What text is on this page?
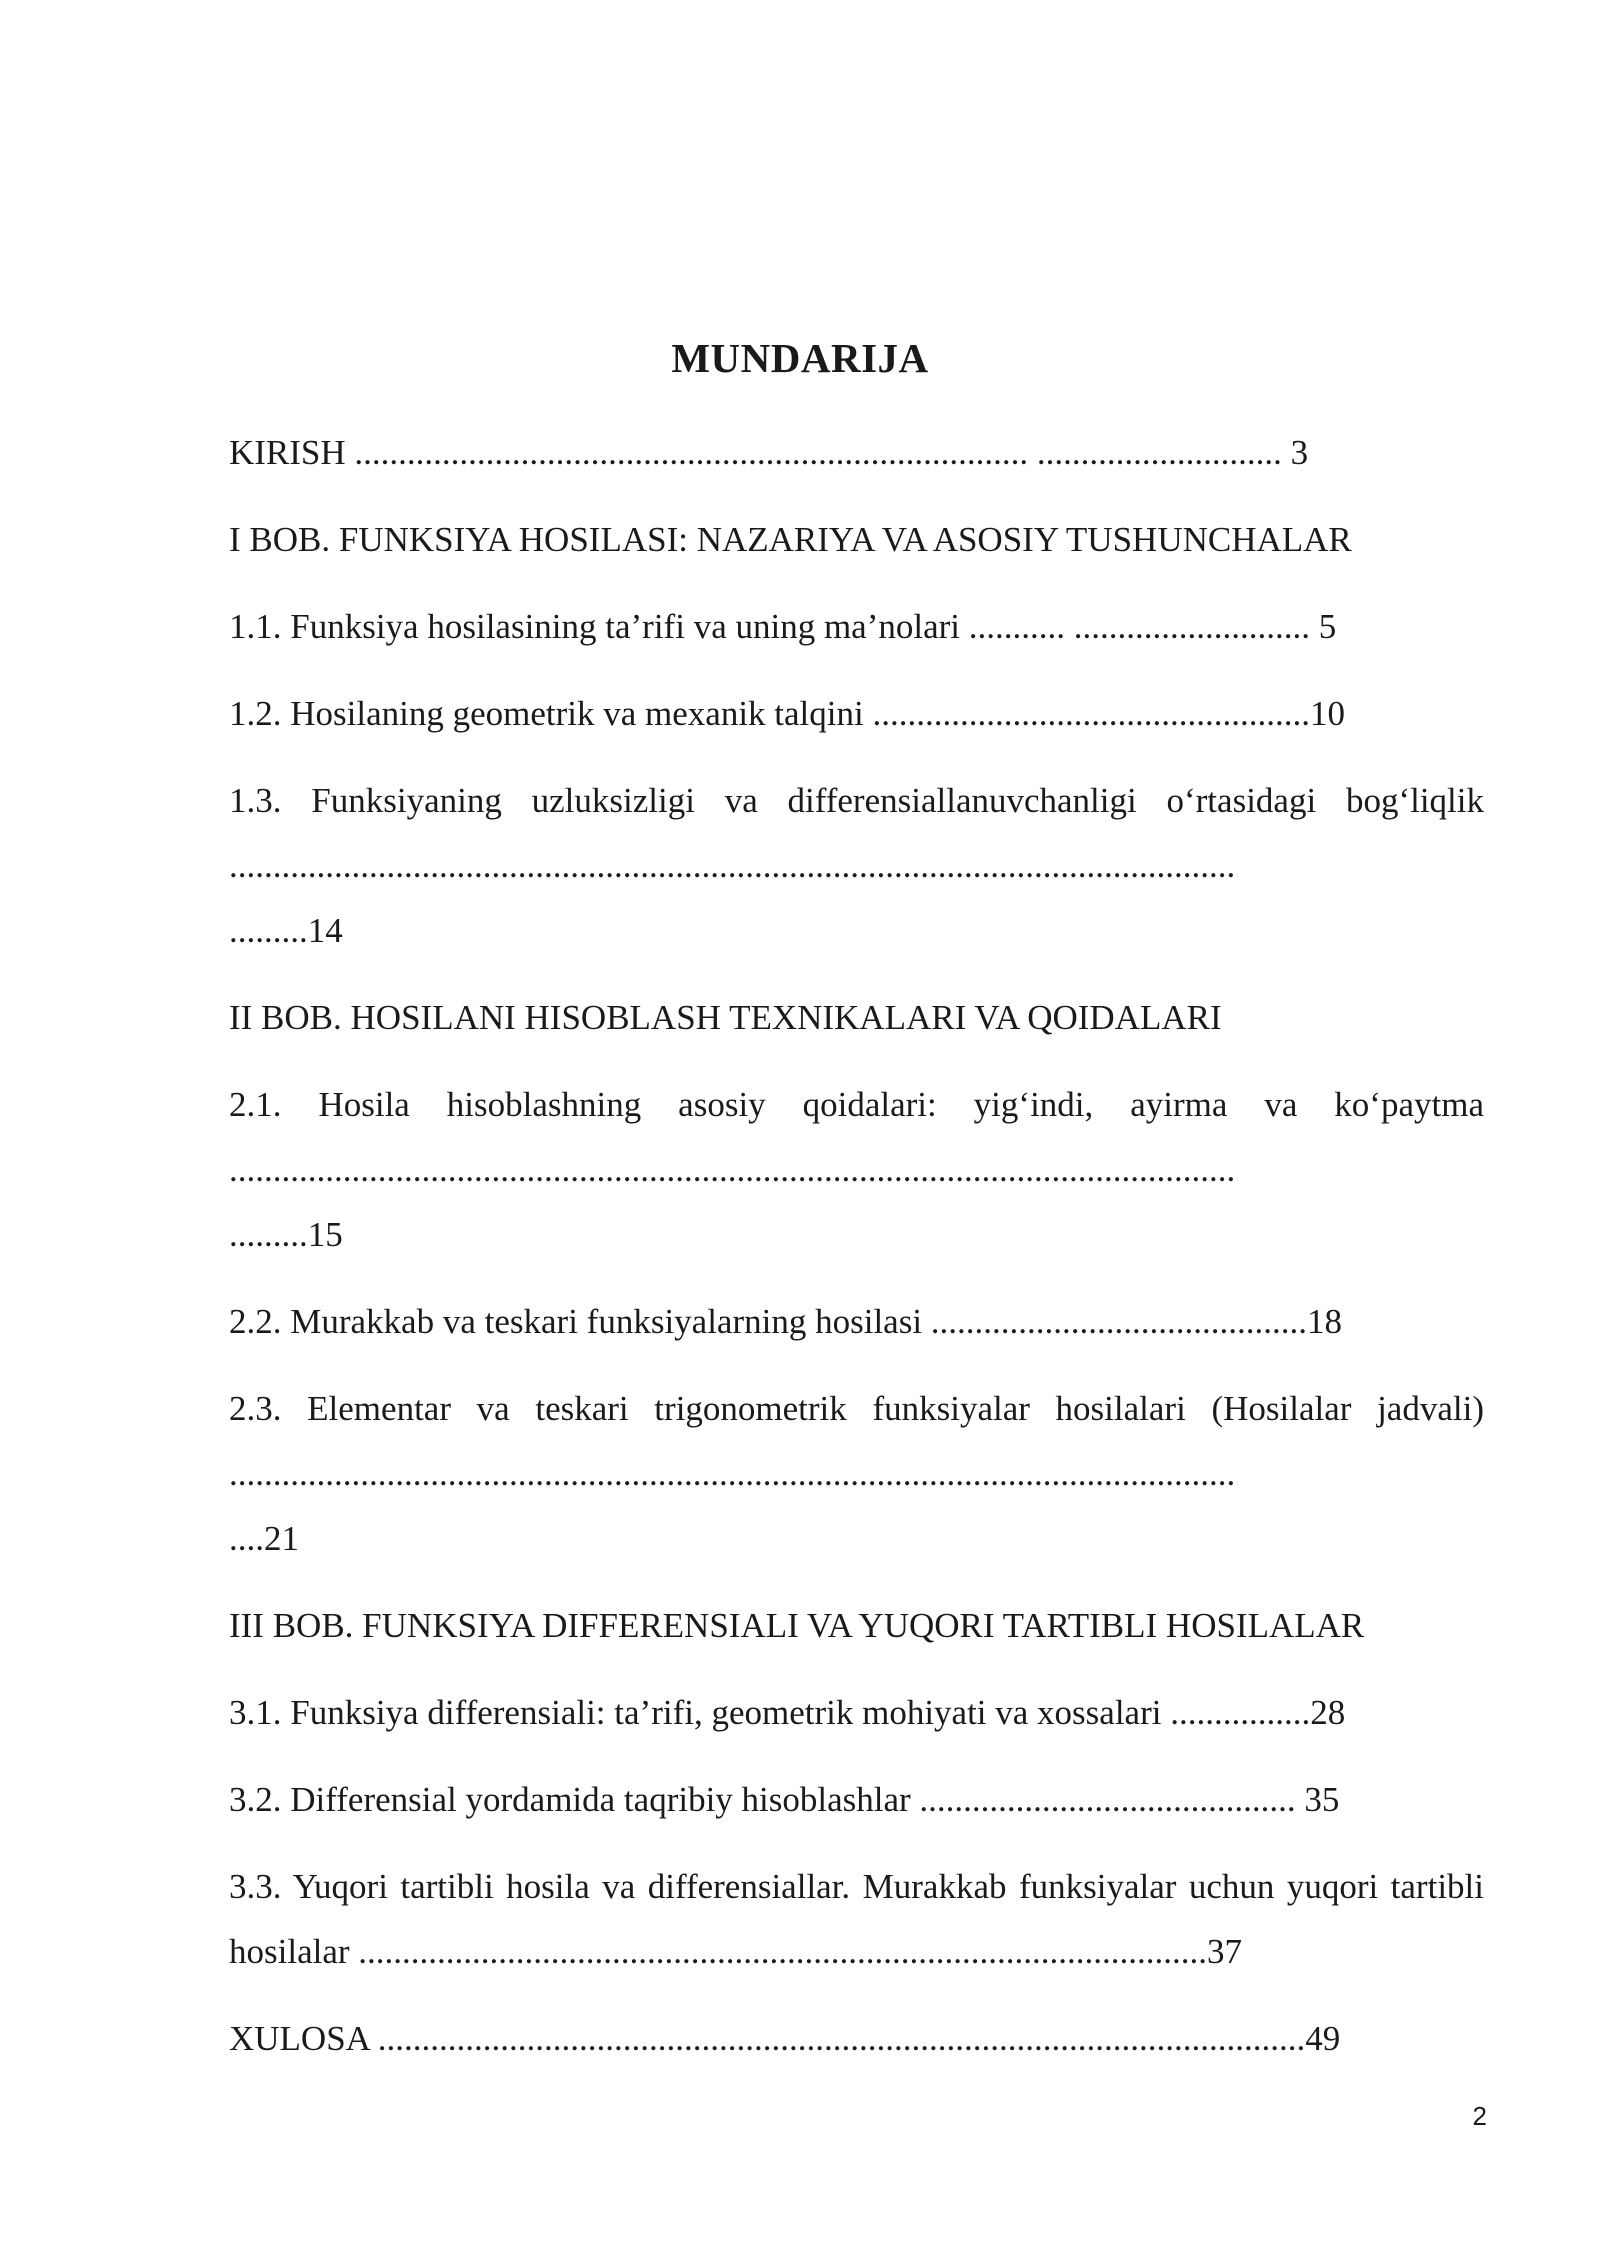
MUNDARIJA
KIRISH ............................................................................. ............................ 3
I BOB. FUNKSIYA HOSILASI: NAZARIYA VA ASOSIY TUSHUNCHALAR
1.1. Funksiya hosilasining ta’rifi va uning ma’nolari ........... ........................... 5
1.2. Hosilaning geometrik va mexanik talqini ..................................................10
1.3. Funksiyaning uzluksizligi va differensiallanuvchanligi o‘rtasidagi bog‘liqlik ...................................................................................................................
.........14
II BOB. HOSILANI HISOBLASH TEXNIKALARI VA QOIDALARI
2.1. Hosila hisoblashning asosiy qoidalari: yig‘indi, ayirma va ko‘paytma ...................................................................................................................
.........15
2.2. Murakkab va teskari funksiyalarning hosilasi ...........................................18
2.3. Elementar va teskari trigonometrik funksiyalar hosilalari (Hosilalar jadvali) ...................................................................................................................
....21
III BOB. FUNKSIYA DIFFERENSIALI VA YUQORI TARTIBLI HOSILALAR
3.1. Funksiya differensiali: ta’rifi, geometrik mohiyati va xossalari ................28
3.2. Differensial yordamida taqribiy hisoblashlar ........................................... 35
3.3. Yuqori tartibli hosila va differensiallar. Murakkab funksiyalar uchun yuqori tartibli hosilalar .................................................................................................37
XULOSA ..........................................................................................................49
2
